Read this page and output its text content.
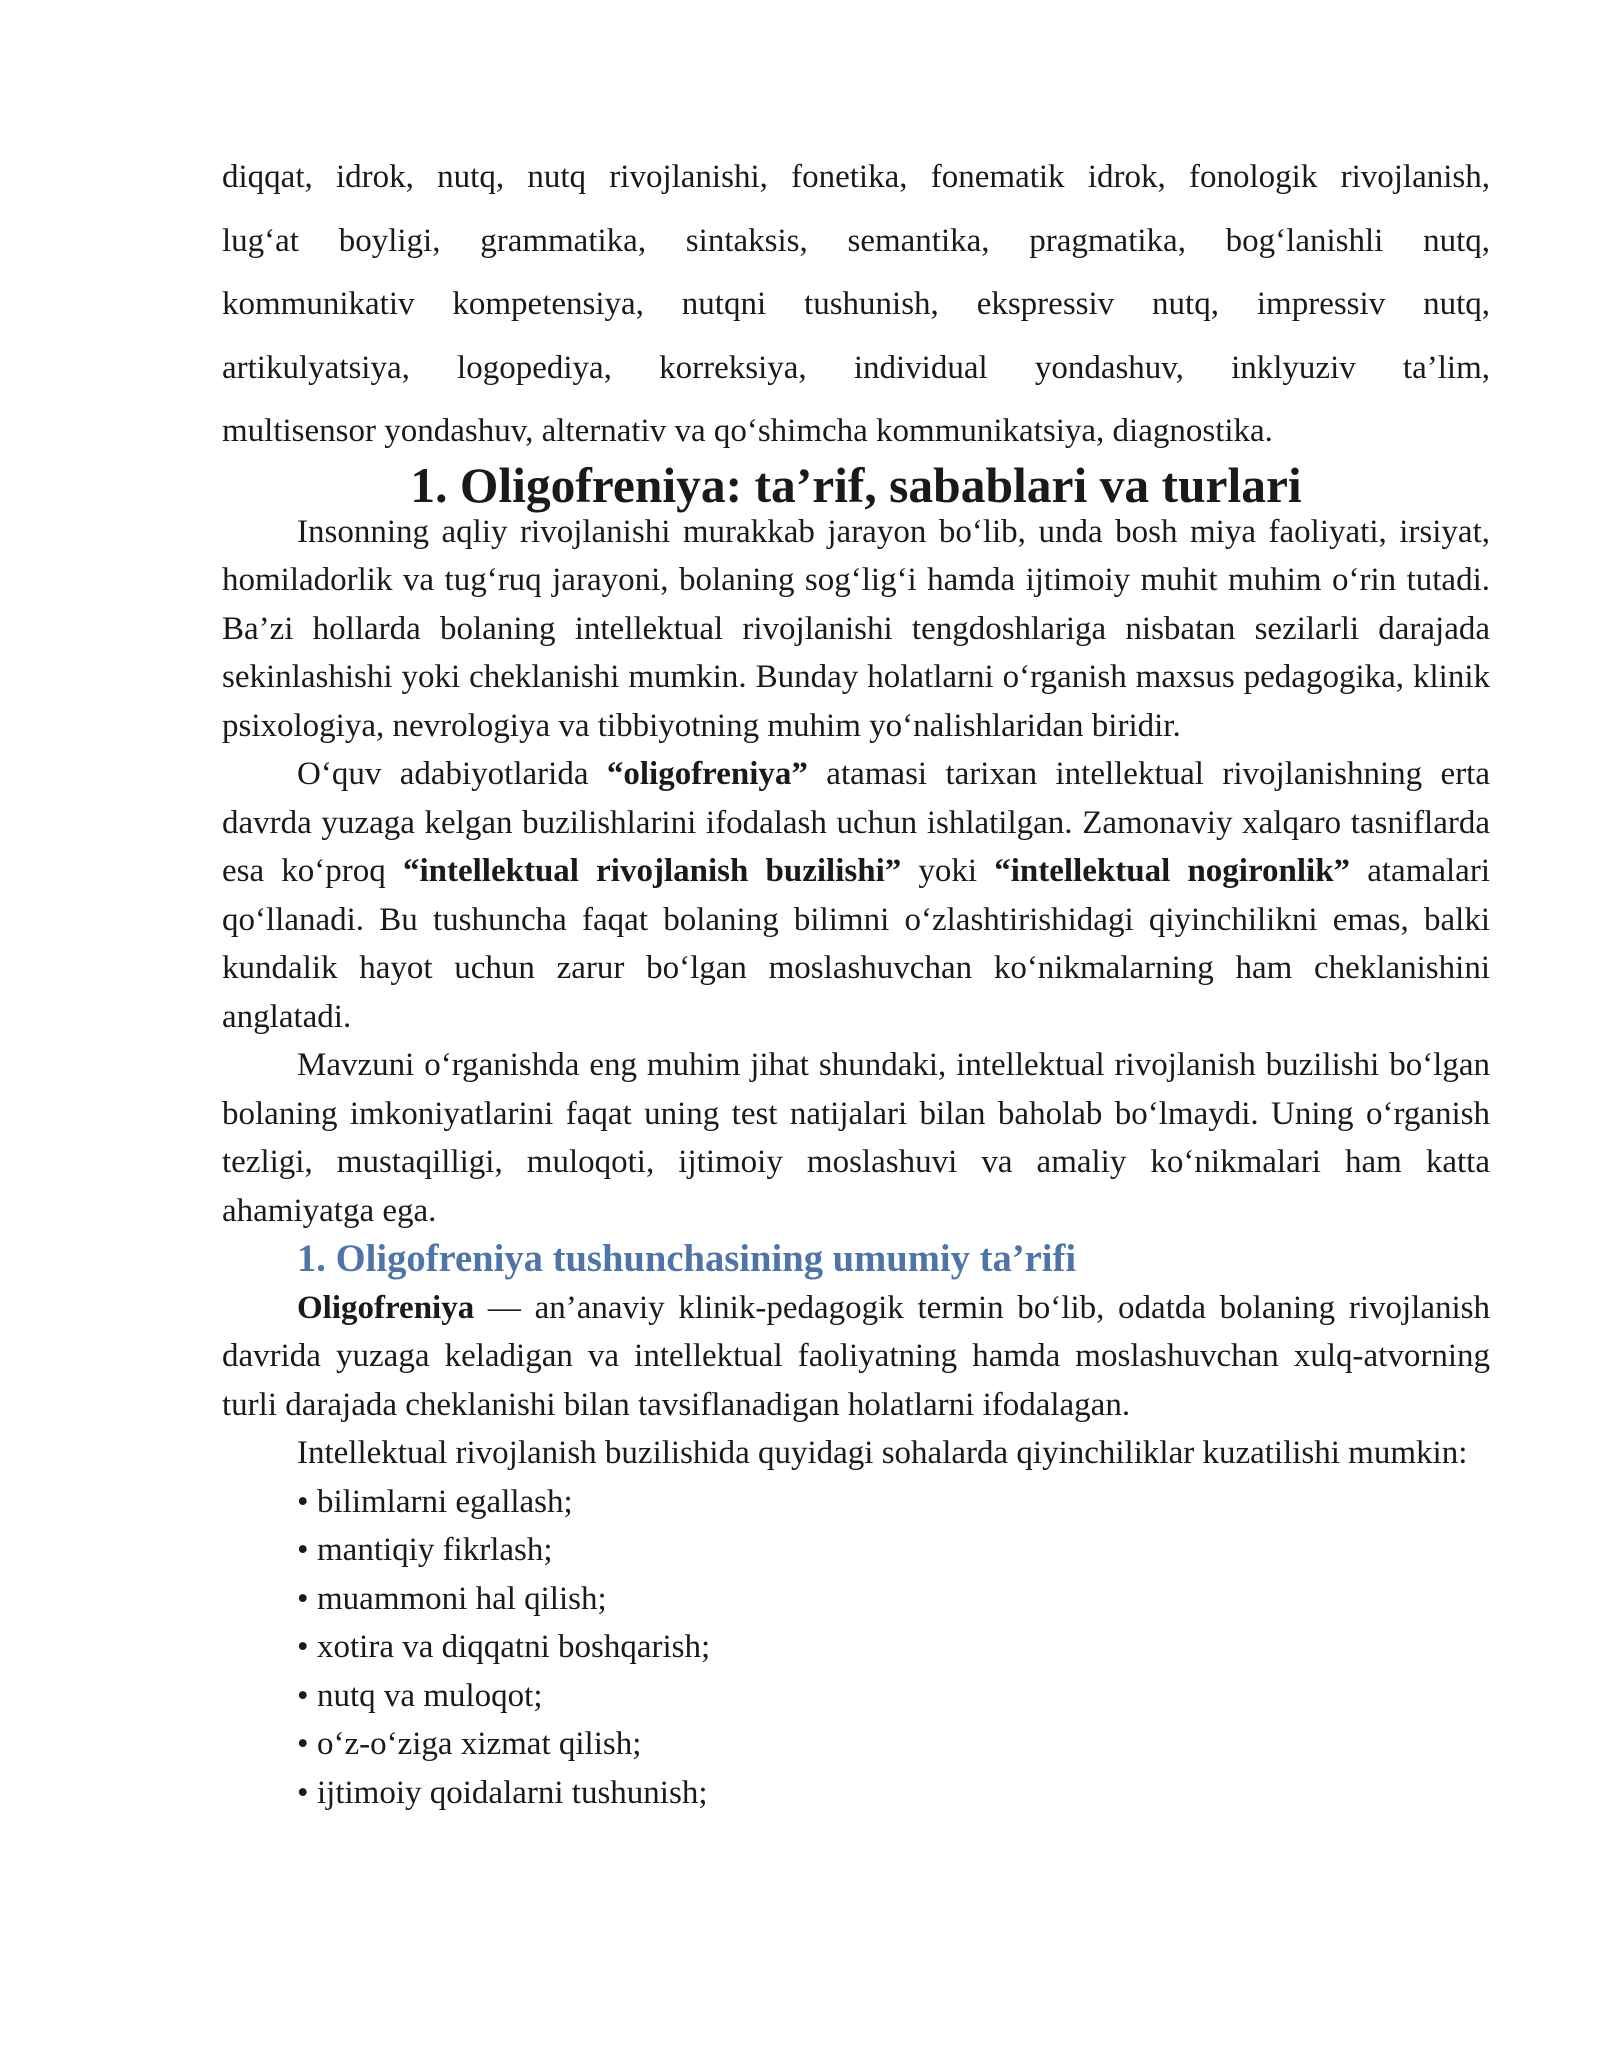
diqqat, idrok, nutq, nutq rivojlanishi, fonetika, fonematik idrok, fonologik rivojlanish,

lug‘at boyligi, grammatika, sintaksis, semantika, pragmatika, bog‘lanishli nutq,

kommunikativ kompetensiya, nutqni tushunish, ekspressiv nutq, impressiv nutq,

artikulyatsiya, logopediya, korreksiya, individual yondashuv, inklyuziv ta’lim,

multisensor yondashuv, alternativ va qo‘shimcha kommunikatsiya, diagnostika.

1. Oligofreniya: ta’rif, sabablari va turlari

Insonning aqliy rivojlanishi murakkab jarayon bo‘lib, unda bosh miya faoliyati, irsiyat, homiladorlik va tug‘ruq jarayoni, bolaning sog‘lig‘i hamda ijtimoiy muhit muhim o‘rin tutadi. Ba’zi hollarda bolaning intellektual rivojlanishi tengdoshlariga nisbatan sezilarli darajada sekinlashishi yoki cheklanishi mumkin. Bunday holatlarni o‘rganish maxsus pedagogika, klinik psixologiya, nevrologiya va tibbiyotning muhim yo‘nalishlaridan biridir.

O‘quv adabiyotlarida “oligofreniya” atamasi tarixan intellektual rivojlanishning erta davrda yuzaga kelgan buzilishlarini ifodalash uchun ishlatilgan. Zamonaviy xalqaro tasniflarda esa ko‘proq “intellektual rivojlanish buzilishi” yoki “intellektual nogironlik” atamalari qo‘llanadi. Bu tushuncha faqat bolaning bilimni o‘zlashtirishidagi qiyinchilikni emas, balki kundalik hayot uchun zarur bo‘lgan moslashuvchan ko‘nikmalarning ham cheklanishini anglatadi.

Mavzuni o‘rganishda eng muhim jihat shundaki, intellektual rivojlanish buzilishi bo‘lgan bolaning imkoniyatlarini faqat uning test natijalari bilan baholab bo‘lmaydi. Uning o‘rganish tezligi, mustaqilligi, muloqoti, ijtimoiy moslashuvi va amaliy ko‘nikmalari ham katta ahamiyatga ega.

1. Oligofreniya tushunchasining umumiy ta’rifi

Oligofreniya — an’anaviy klinik-pedagogik termin bo‘lib, odatda bolaning rivojlanish davrida yuzaga keladigan va intellektual faoliyatning hamda moslashuvchan xulq-atvorning turli darajada cheklanishi bilan tavsiflanadigan holatlarni ifodalagan.

Intellektual rivojlanish buzilishida quyidagi sohalarda qiyinchiliklar kuzatilishi mumkin:

• bilimlarni egallash;
• mantiqiy fikrlash;
• muammoni hal qilish;
• xotira va diqqatni boshqarish;
• nutq va muloqot;
• o‘z-o‘ziga xizmat qilish;
• ijtimoiy qoidalarni tushunish;
